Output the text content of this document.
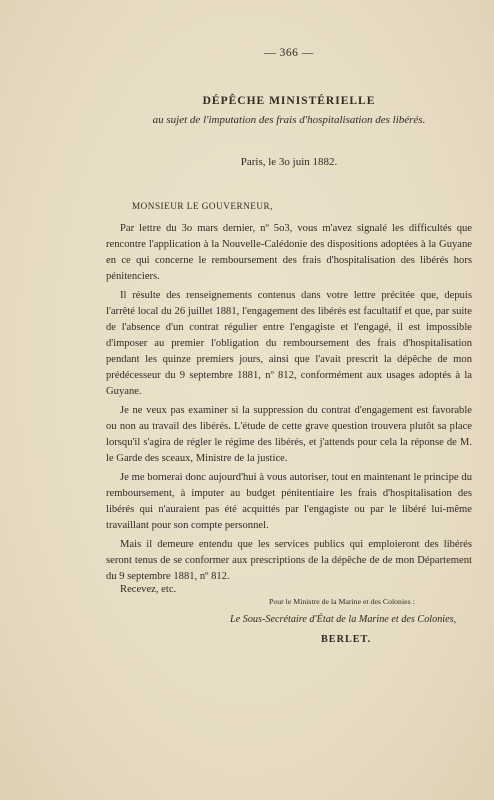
— 366 —
DÉPÊCHE MINISTÉRIELLE
au sujet de l'imputation des frais d'hospitalisation des libérés.
Paris, le 3o juin 1882.
MONSIEUR LE GOUVERNEUR,

Par lettre du 3o mars dernier, nº 5o3, vous m'avez signalé les difficultés que rencontre l'application à la Nouvelle-Calédonie des dispositions adoptées à la Guyane en ce qui concerne le remboursement des frais d'hospitalisation des libérés hors pénitenciers.

Il résulte des renseignements contenus dans votre lettre précitée que, depuis l'arrêté local du 26 juillet 1881, l'engagement des libérés est facultatif et que, par suite de l'absence d'un contrat régulier entre l'engagiste et l'engagé, il est impossible d'imposer au premier l'obligation du remboursement des frais d'hospitalisation pendant les quinze premiers jours, ainsi que l'avait prescrit la dépêche de mon prédécesseur du 9 septembre 1881, nº 812, conformément aux usages adoptés à la Guyane.

Je ne veux pas examiner si la suppression du contrat d'engagement est favorable ou non au travail des libérés. L'étude de cette grave question trouvera plutôt sa place lorsqu'il s'agira de régler le régime des libérés, et j'attends pour cela la réponse de M. le Garde des sceaux, Ministre de la justice.

Je me bornerai donc aujourd'hui à vous autoriser, tout en maintenant le principe du remboursement, à imputer au budget pénitentiaire les frais d'hospitalisation des libérés qui n'auraient pas été acquittés par l'engagiste ou par le libéré lui-même travaillant pour son compte personnel.

Mais il demeure entendu que les services publics qui emploieront des libérés seront tenus de se conformer aux prescriptions de la dépêche de de mon Département du 9 septembre 1881, nº 812.

Recevez, etc.
Pour le Ministre de la Marine et des Colonies :
Le Sous-Secrétaire d'État de la Marine et des Colonies,
BERLET.
